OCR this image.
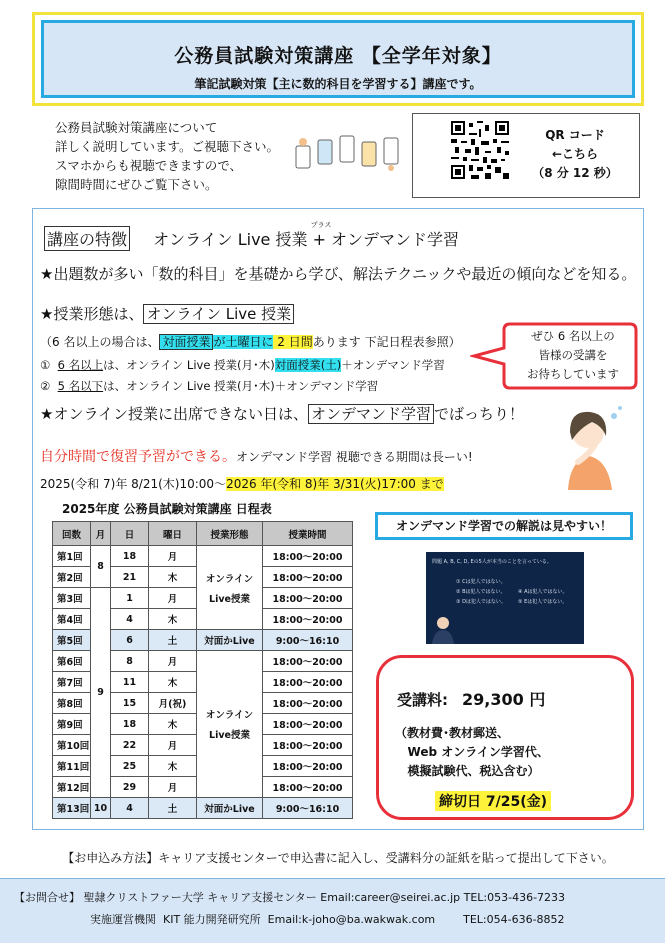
公務員試験対策講座 【全学年対象】
筆記試験対策【主に数的科目を学習する】講座です。
公務員試験対策講座について
詳しく説明しています。ご視聴下さい。
スマホからも視聴できますので、
隙間時間にぜひご覧下さい。
QR コード
←こちら
（8 分 12 秒）
講座の特徴 オンライン Live 授業
プラス
+ オンデマンド学習
★出題数が多い「数的科目」を基礎から学び、解法テクニックや最近の傾向などを知る。
★授業形態は、 オンライン Live 授業
（6 名以上の場合は、 対面授業 が土曜日に 2 日間あります 下記日程表参照）
① 6 名以上は、オンライン Live 授業(月･木)対面授業(土)＋オンデマンド学習
② 5 名以下は、オンライン Live 授業(月･木)＋オンデマンド学習
★オンライン授業に出席できない日は、 オンデマンド学習 でばっちり！
ぜひ 6 名以上の
皆様の受講を
お待ちしています
自分時間で復習予習ができる。オンデマンド学習 視聴できる期間は長ーい!
2025(令和 7)年 8/21(木)10:00～2026 年(令和 8)年 3/31(火)17:00 まで
2025年度 公務員試験対策講座 日程表
回数	月	日	曜日	授業形態	授業時間
第1回	8	18	月	オンライン
Live授業	18:00～20:00
第2回		21	木		18:00～20:00
第3回	9	1	月		18:00～20:00
第4回		4	木		18:00～20:00
第5回		6	土	対面かLive	9:00～16:10
第6回		8	月	オンライン
Live授業	18:00～20:00
第7回		11	木		18:00～20:00
第8回		15	月(祝)		18:00～20:00
第9回		18	木		18:00～20:00
第10回		22	月		18:00～20:00
第11回		25	木		18:00～20:00
第12回		29	月		18:00～20:00
第13回	10	4	土	対面かLive	9:00～16:10
オンデマンド学習での解説は見やすい！
問題 A, B, C, D, Eの5人が本当のことを言っている。
① Cは犯人ではない。
② Bは犯人ではない。
③ Dは犯人ではない。
④ Aは犯人ではない。
⑤ Eは犯人ではない。
受講料: 29,300 円
（教材費･教材郵送、
Web オンライン学習代、
模擬試験代、税込含む）
締切日 7/25(金)
【お申込み方法】キャリア支援センターで申込書に記入し、受講料分の証紙を貼って提出して下さい。
【お問合せ】 聖隷クリストファー大学 キャリア支援センター Email:career@seirei.ac.jp TEL:053-436-7233
実施運営機関  KIT 能力開発研究所  Email:k-joho@ba.wakwak.com        TEL:054-636-8852
